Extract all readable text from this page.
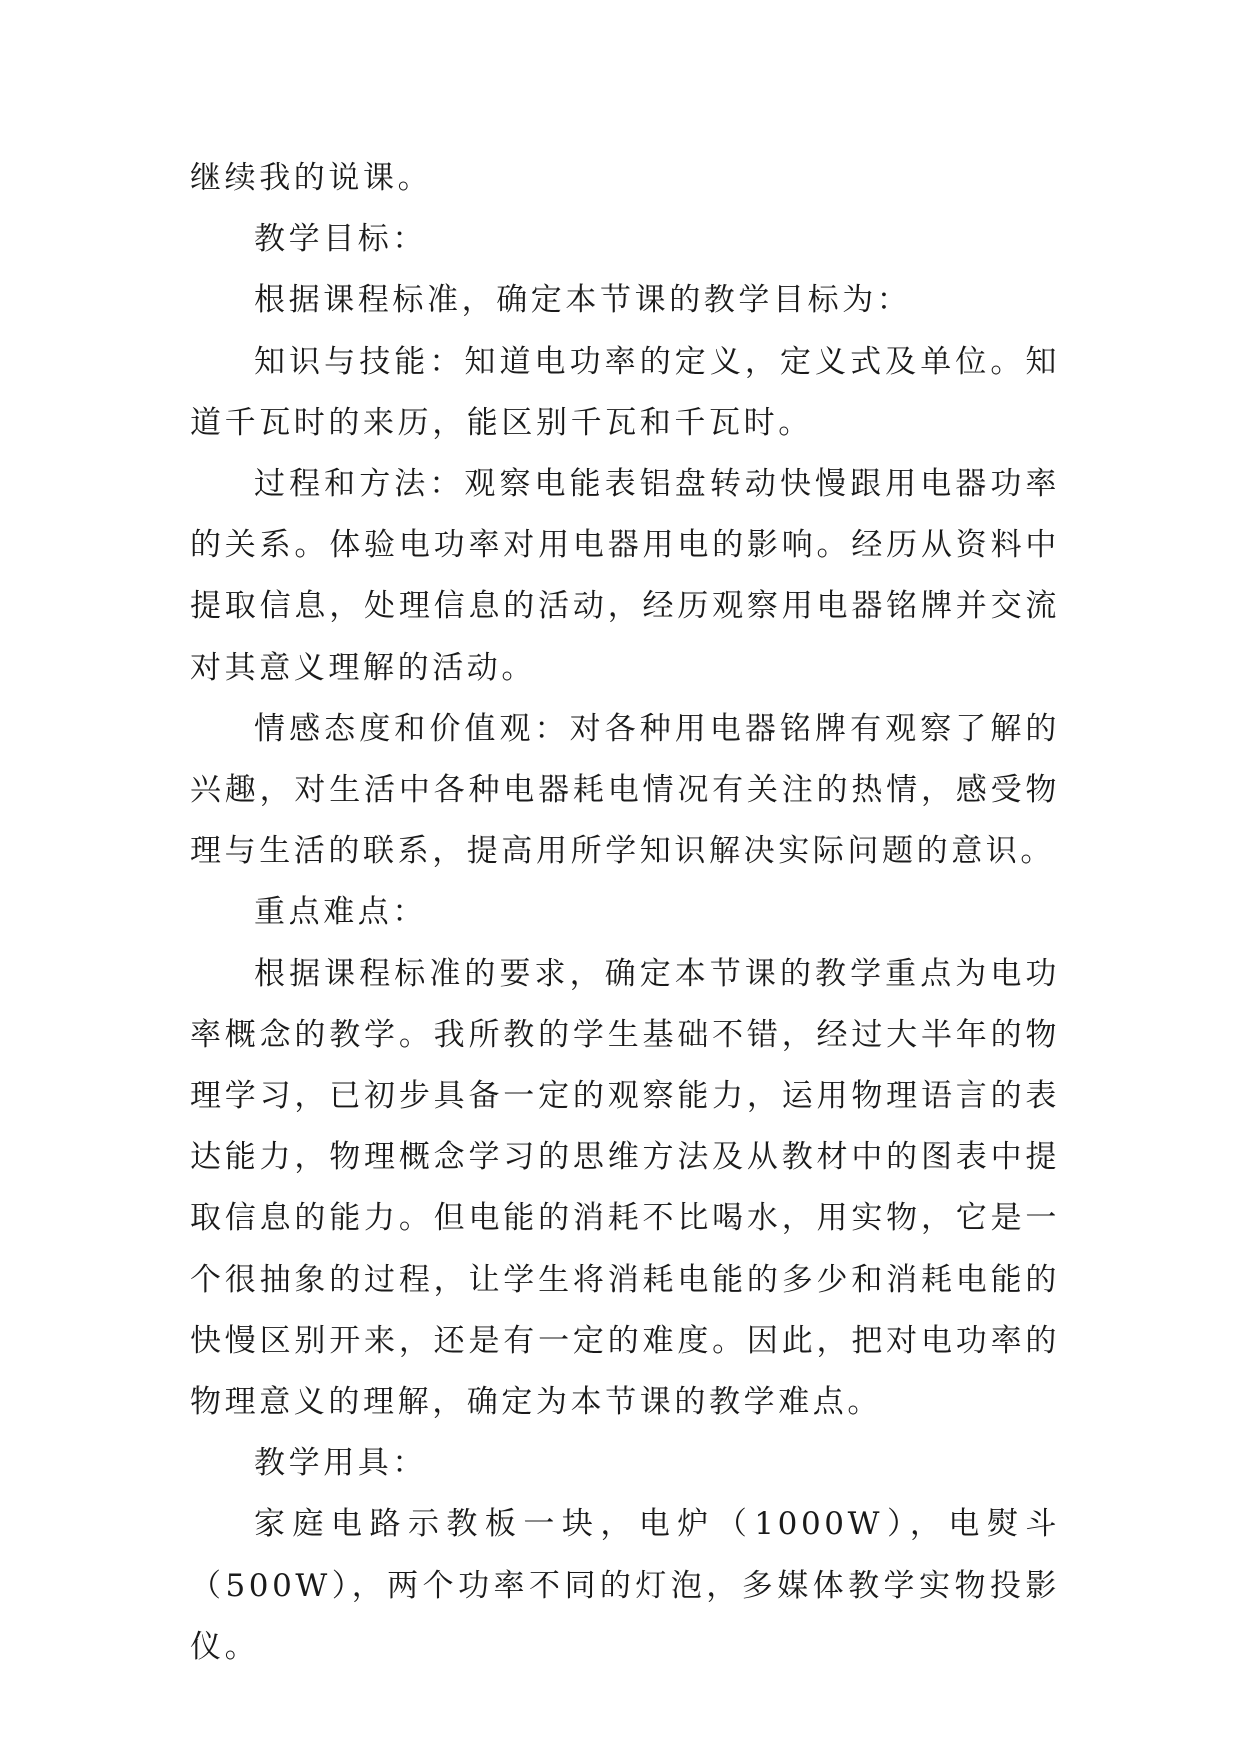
继续我的说课。

教学目标：

根据课程标准，确定本节课的教学目标为：

知识与技能：知道电功率的定义，定义式及单位。知道千瓦时的来历，能区别千瓦和千瓦时。

过程和方法：观察电能表铝盘转动快慢跟用电器功率的关系。体验电功率对用电器用电的影响。经历从资料中提取信息，处理信息的活动，经历观察用电器铭牌并交流对其意义理解的活动。

情感态度和价值观：对各种用电器铭牌有观察了解的兴趣，对生活中各种电器耗电情况有关注的热情，感受物理与生活的联系，提高用所学知识解决实际问题的意识。

重点难点：

根据课程标准的要求，确定本节课的教学重点为电功率概念的教学。我所教的学生基础不错，经过大半年的物理学习，已初步具备一定的观察能力，运用物理语言的表达能力，物理概念学习的思维方法及从教材中的图表中提取信息的能力。但电能的消耗不比喝水，用实物，它是一个很抽象的过程，让学生将消耗电能的多少和消耗电能的快慢区别开来，还是有一定的难度。因此，把对电功率的物理意义的理解，确定为本节课的教学难点。

教学用具：

家庭电路示教板一块，电炉（1000W），电熨斗（500W），两个功率不同的灯泡，多媒体教学实物投影仪。
